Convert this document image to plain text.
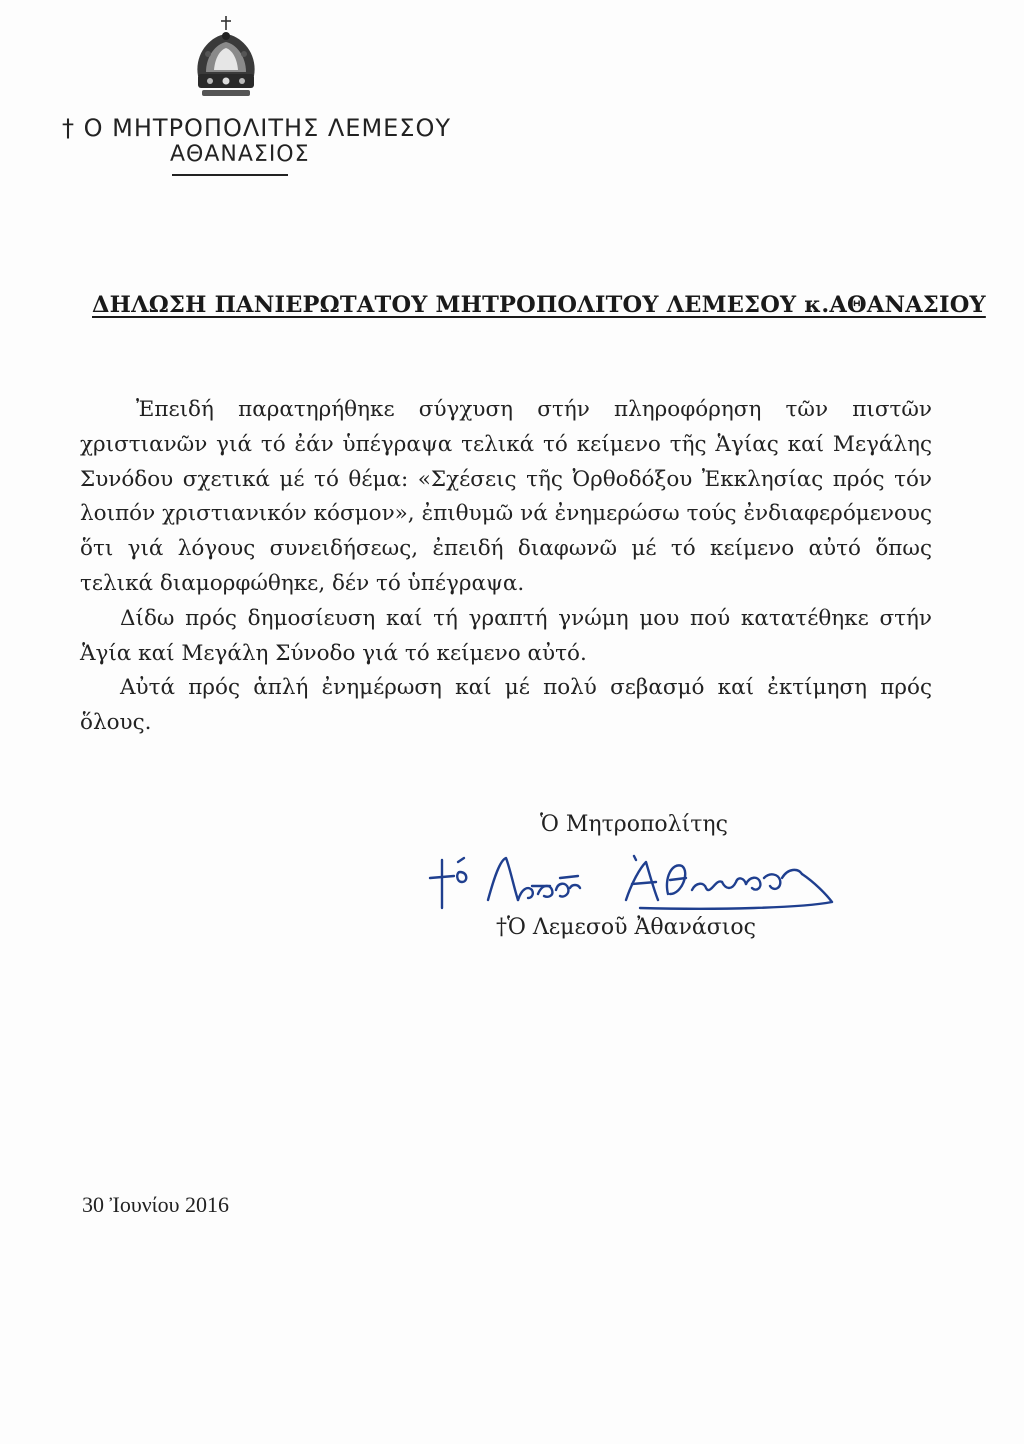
† Ο ΜΗΤΡΟΠΟΛΙΤΗΣ ΛΕΜΕΣΟΥ
ΑΘΑΝΑΣΙΟΣ
ΔΗΛΩΣΗ ΠΑΝΙΕΡΩΤΑΤΟΥ ΜΗΤΡΟΠΟΛΙΤΟΥ ΛΕΜΕΣΟΥ κ.ΑΘΑΝΑΣΙΟΥ

Ἐπειδή παρατηρήθηκε σύγχυση στήν πληροφόρηση τῶν πιστῶν χριστιανῶν γιά τό ἐάν ὑπέγραψα τελικά τό κείμενο τῆς Ἁγίας καί Μεγάλης Συνόδου σχετικά μέ τό θέμα: «Σχέσεις τῆς Ὀρθοδόξου Ἐκκλησίας πρός τόν λοιπόν χριστιανικόν κόσμον», ἐπιθυμῶ νά ἐνημερώσω τούς ἐνδιαφερόμενους ὅτι γιά λόγους συνειδήσεως, ἐπειδή διαφωνῶ μέ τό κείμενο αὐτό ὅπως τελικά διαμορφώθηκε, δέν τό ὑπέγραψα.

Δίδω πρός δημοσίευση καί τή γραπτή γνώμη μου πού κατατέθηκε στήν Ἁγία καί Μεγάλη Σύνοδο γιά τό κείμενο αὐτό.

Αὐτά πρός ἁπλή ἐνημέρωση καί μέ πολύ σεβασμό καί ἐκτίμηση πρός ὅλους.

Ὁ Μητροπολίτης
†Ὁ Λεμεσοῦ Ἀθανάσιος
30 Ἰουνίου 2016
